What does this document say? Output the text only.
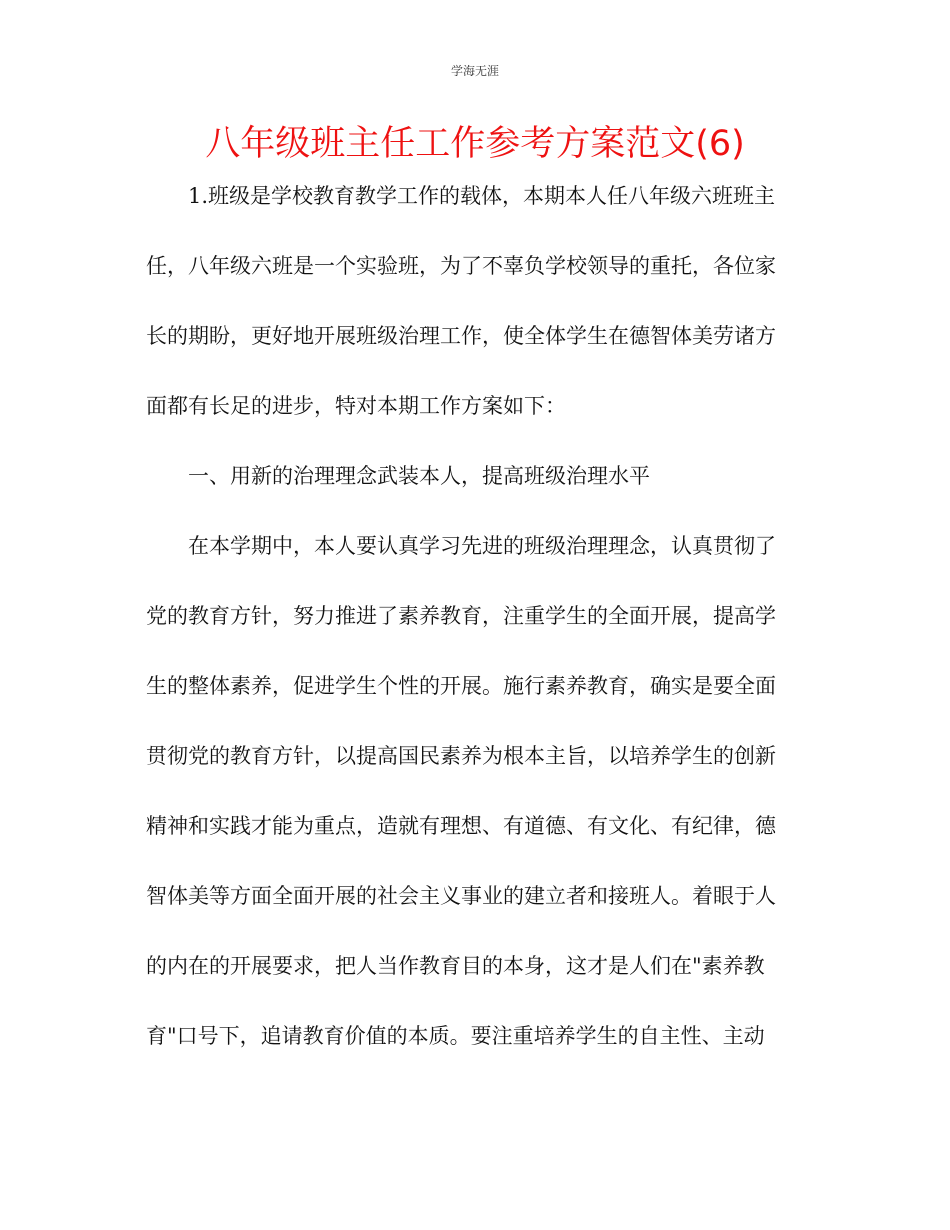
学海无涯
八年级班主任工作参考方案范文(6)
1.班级是学校教育教学工作的载体，本期本人任八年级六班班主
任，八年级六班是一个实验班，为了不辜负学校领导的重托，各位家
长的期盼，更好地开展班级治理工作，使全体学生在德智体美劳诸方
面都有长足的进步，特对本期工作方案如下：
一、用新的治理理念武装本人，提高班级治理水平
在本学期中，本人要认真学习先进的班级治理理念，认真贯彻了
党的教育方针，努力推进了素养教育，注重学生的全面开展，提高学
生的整体素养，促进学生个性的开展。施行素养教育，确实是要全面
贯彻党的教育方针，以提高国民素养为根本主旨，以培养学生的创新
精神和实践才能为重点，造就有理想、有道德、有文化、有纪律，德
智体美等方面全面开展的社会主义事业的建立者和接班人。着眼于人
的内在的开展要求，把人当作教育目的本身，这才是人们在"素养教
育"口号下，追请教育价值的本质。要注重培养学生的自主性、主动
